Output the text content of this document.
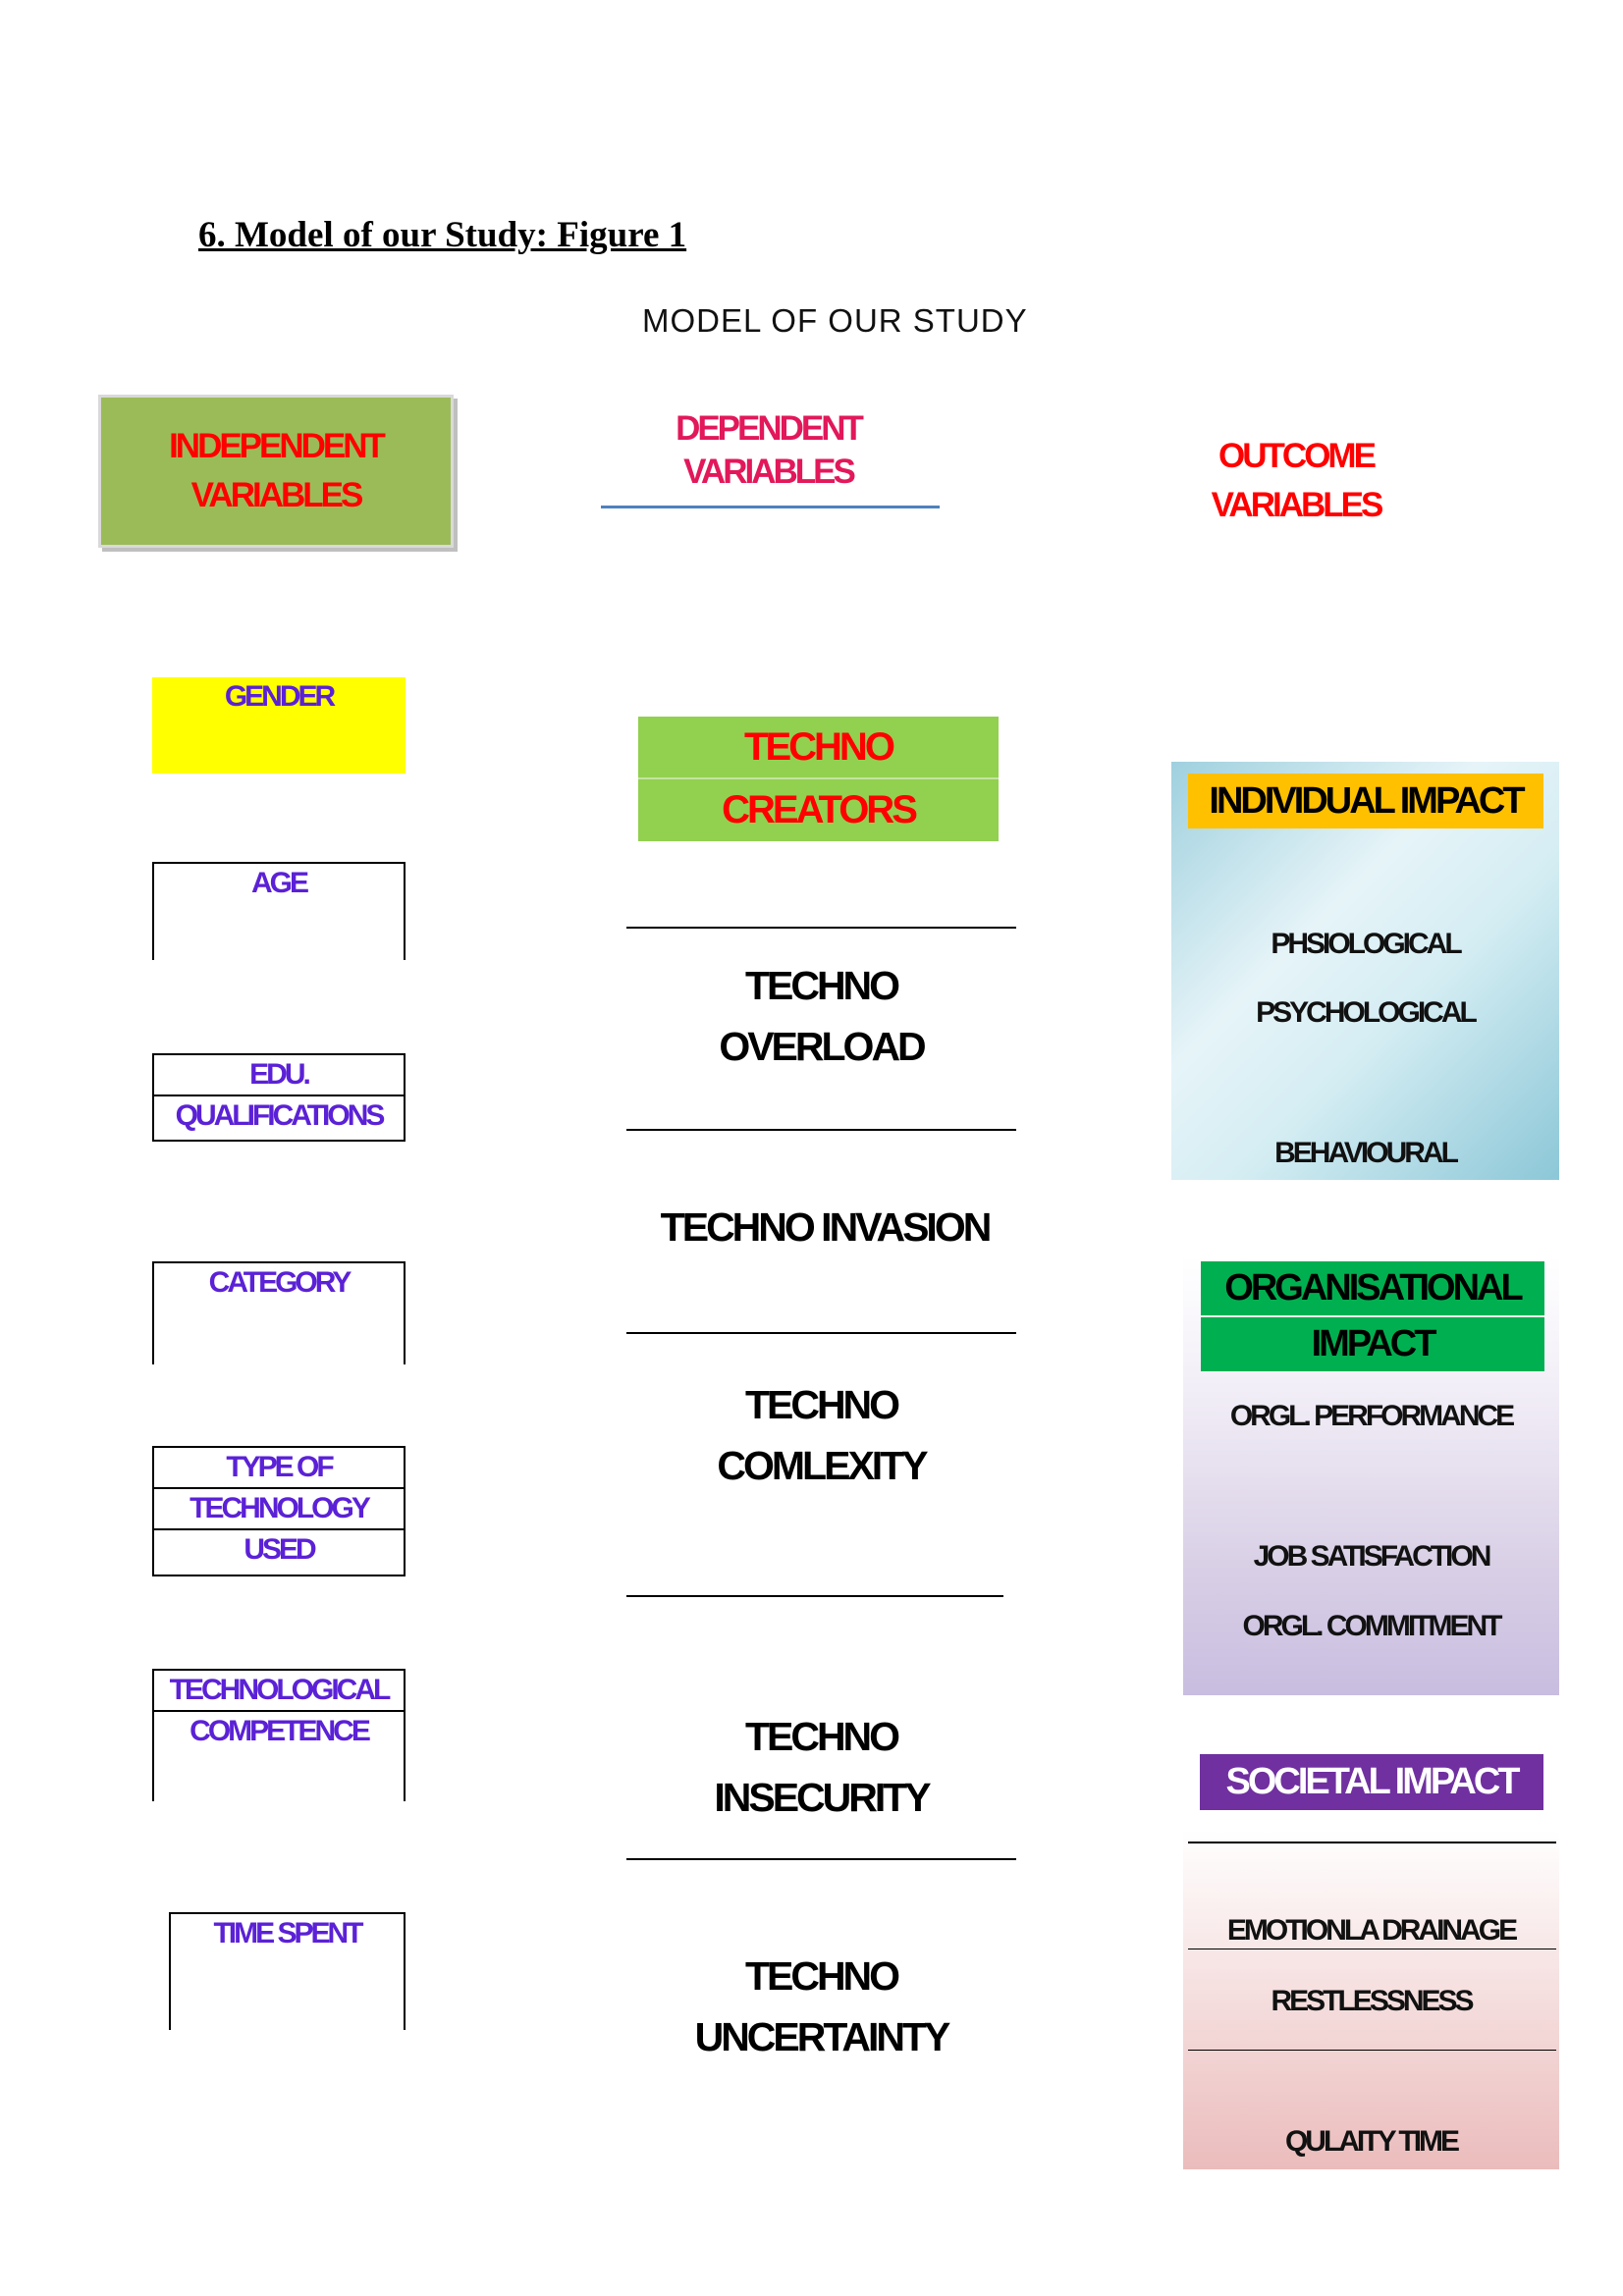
6. Model of our Study: Figure 1
MODEL OF OUR STUDY
INDEPENDENT
VARIABLES
DEPENDENT
VARIABLES	OUTCOME
VARIABLES
GENDER
AGE
EDU.
QUALIFICATIONS
CATEGORY
TYPE OF
TECHNOLOGY
USED
TECHNOLOGICAL
COMPETENCE
TIME SPENT
TECHNO
CREATORS
TECHNO
OVERLOAD
TECHNO INVASION
TECHNO
COMLEXITY
TECHNO
INSECURITY
TECHNO
UNCERTAINTY
INDIVIDUAL IMPACT
PHSIOLOGICAL
PSYCHOLOGICAL
BEHAVIOURAL
ORGANISATIONAL
IMPACT
ORGL. PERFORMANCE
JOB SATISFACTION
ORGL. COMMITMENT
SOCIETAL IMPACT
EMOTIONLA DRAINAGE
RESTLESSNESS
QULAITY TIME
